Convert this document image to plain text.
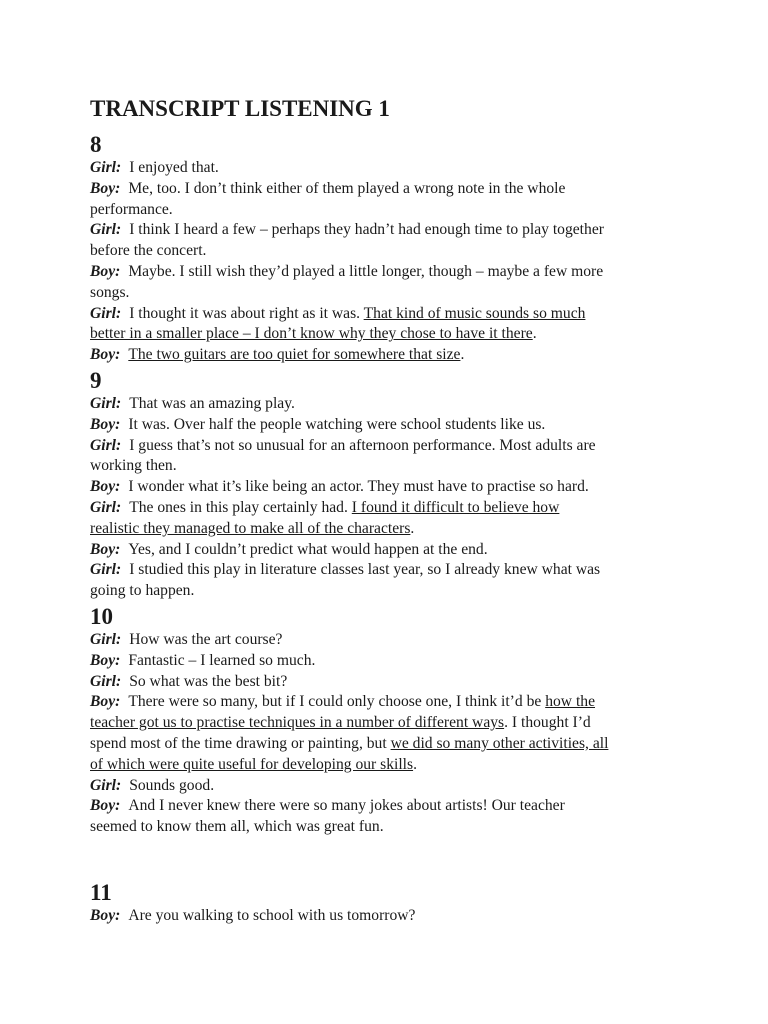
TRANSCRIPT LISTENING 1
8

Girl: I enjoyed that.

Boy: Me, too. I don’t think either of them played a wrong note in the whole

performance.

Girl: I think I heard a few – perhaps they hadn’t had enough time to play together

before the concert.

Boy: Maybe. I still wish they’d played a little longer, though – maybe a few more

songs.

Girl: I thought it was about right as it was. That kind of music sounds so much

better in a smaller place – I don’t know why they chose to have it there.

Boy: The two guitars are too quiet for somewhere that size.

9

Girl: That was an amazing play.

Boy: It was. Over half the people watching were school students like us.

Girl: I guess that’s not so unusual for an afternoon performance. Most adults are

working then.

Boy: I wonder what it’s like being an actor. They must have to practise so hard.

Girl: The ones in this play certainly had. I found it difficult to believe how

realistic they managed to make all of the characters.

Boy: Yes, and I couldn’t predict what would happen at the end.

Girl: I studied this play in literature classes last year, so I already knew what was

going to happen.

10

Girl: How was the art course?

Boy: Fantastic – I learned so much.

Girl: So what was the best bit?

Boy: There were so many, but if I could only choose one, I think it’d be how the

teacher got us to practise techniques in a number of different ways. I thought I’d

spend most of the time drawing or painting, but we did so many other activities, all

of which were quite useful for developing our skills.

Girl: Sounds good.

Boy: And I never knew there were so many jokes about artists! Our teacher

seemed to know them all, which was great fun.

11

Boy: Are you walking to school with us tomorrow?
